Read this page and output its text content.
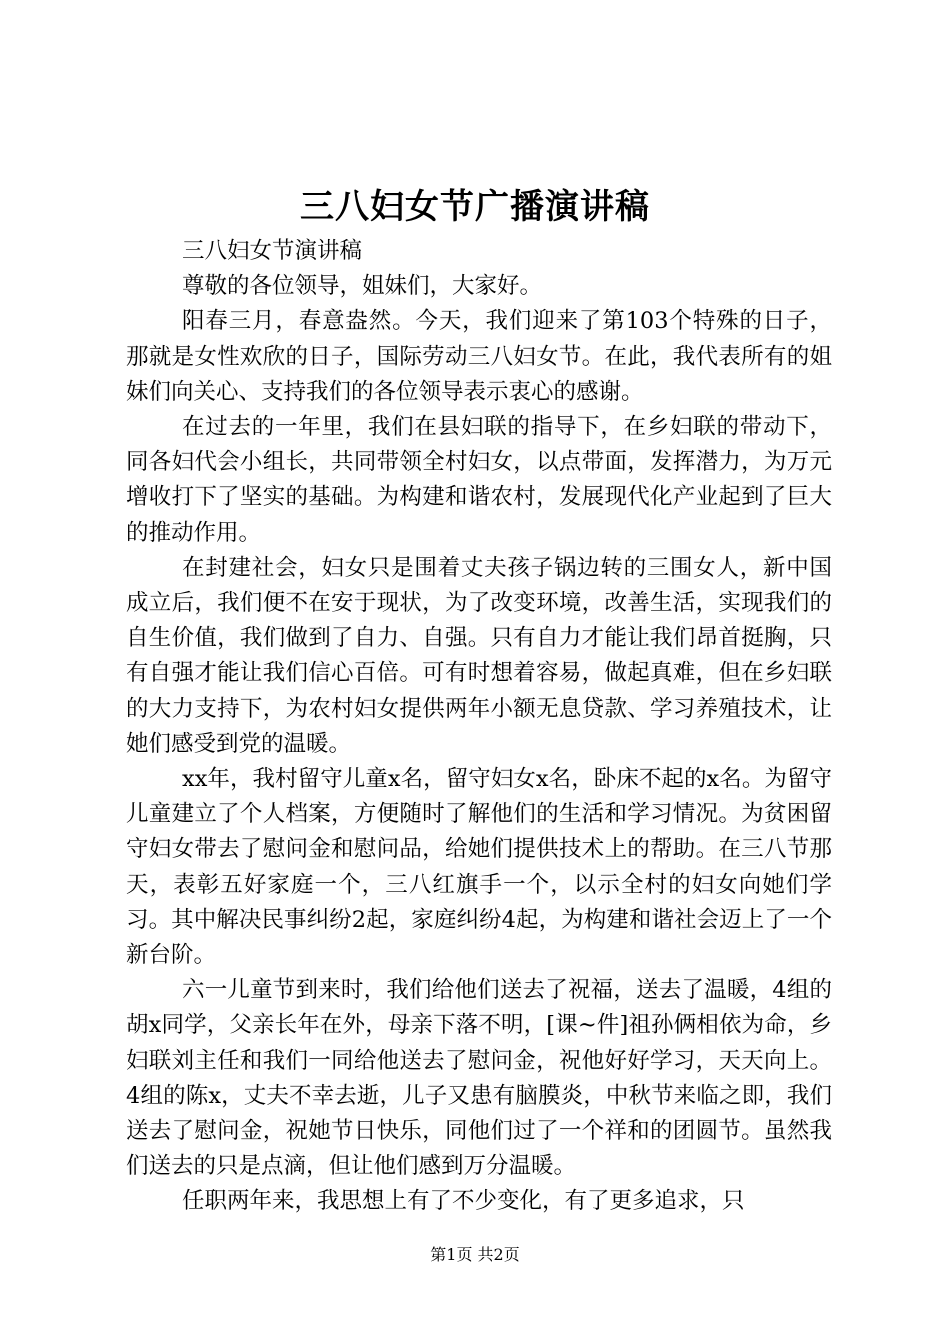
三八妇女节广播演讲稿

三八妇女节演讲稿

尊敬的各位领导，姐妹们，大家好。

阳春三月，春意盎然。今天，我们迎来了第103个特殊的日子，那就是女性欢欣的日子，国际劳动三八妇女节。在此，我代表所有的姐妹们向关心、支持我们的各位领导表示衷心的感谢。

在过去的一年里，我们在县妇联的指导下，在乡妇联的带动下，同各妇代会小组长，共同带领全村妇女，以点带面，发挥潜力，为万元增收打下了坚实的基础。为构建和谐农村，发展现代化产业起到了巨大的推动作用。

在封建社会，妇女只是围着丈夫孩子锅边转的三围女人，新中国成立后，我们便不在安于现状，为了改变环境，改善生活，实现我们的自生价值，我们做到了自力、自强。只有自力才能让我们昂首挺胸，只有自强才能让我们信心百倍。可有时想着容易，做起真难，但在乡妇联的大力支持下，为农村妇女提供两年小额无息贷款、学习养殖技术，让她们感受到党的温暖。

xx年，我村留守儿童x名，留守妇女x名，卧床不起的x名。为留守儿童建立了个人档案，方便随时了解他们的生活和学习情况。为贫困留守妇女带去了慰问金和慰问品，给她们提供技术上的帮助。在三八节那天，表彰五好家庭一个，三八红旗手一个，以示全村的妇女向她们学习。其中解决民事纠纷2起，家庭纠纷4起，为构建和谐社会迈上了一个新台阶。

六一儿童节到来时，我们给他们送去了祝福，送去了温暖，4组的胡x同学，父亲长年在外，母亲下落不明，[课~件]祖孙俩相依为命，乡妇联刘主任和我们一同给他送去了慰问金，祝他好好学习，天天向上。4组的陈x，丈夫不幸去逝，儿子又患有脑膜炎，中秋节来临之即，我们送去了慰问金，祝她节日快乐，同他们过了一个祥和的团圆节。虽然我们送去的只是点滴，但让他们感到万分温暖。

任职两年来，我思想上有了不少变化，有了更多追求，只

第1页 共2页
